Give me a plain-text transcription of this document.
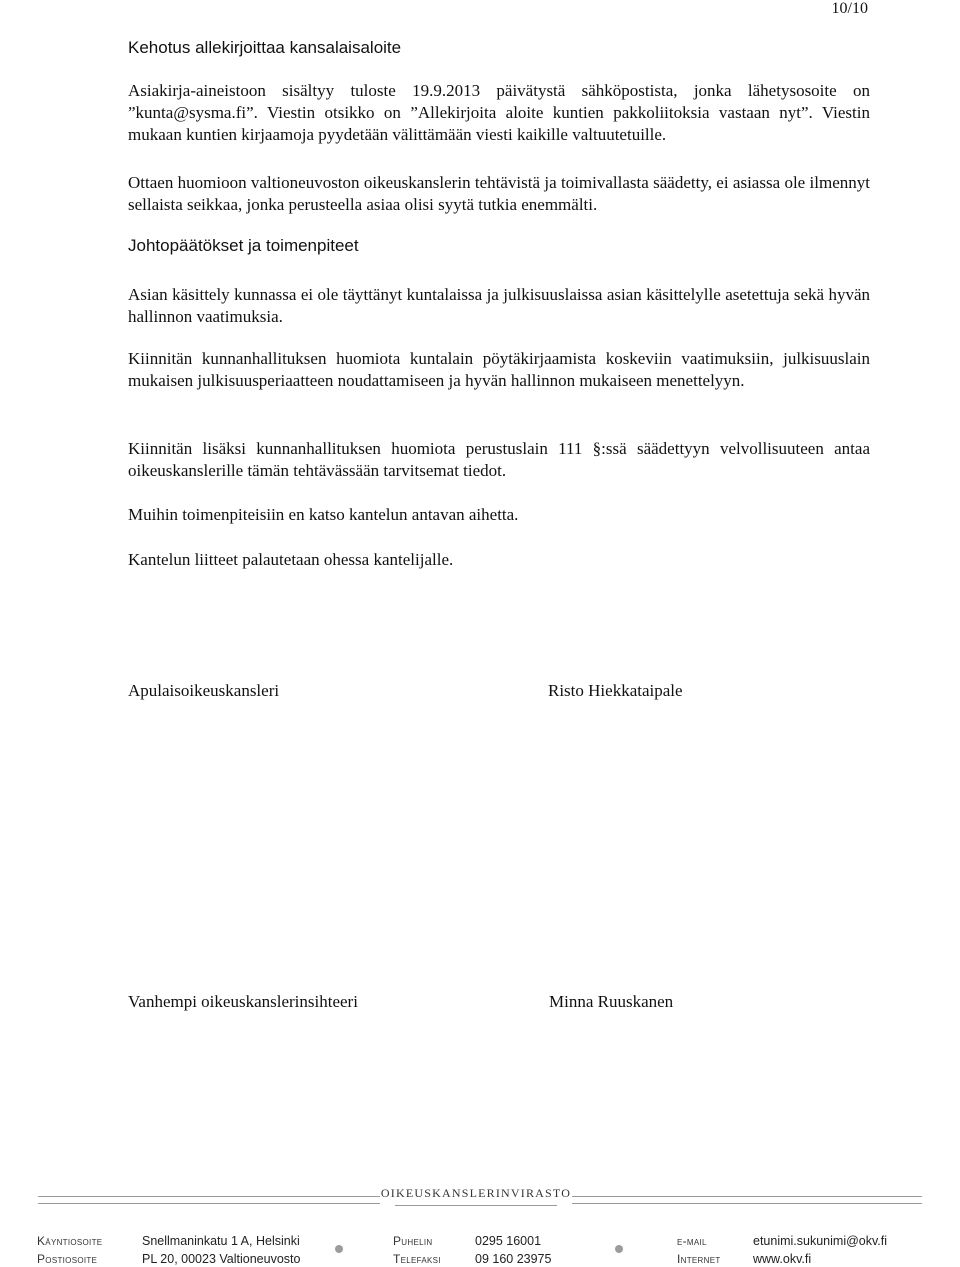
10/10
Kehotus allekirjoittaa kansalaisaloite
Asiakirja-aineistoon sisältyy tuloste 19.9.2013 päivätystä sähköpostista, jonka lähetysosoite on ”kunta@sysma.fi”. Viestin otsikko on ”Allekirjoita aloite kuntien pakkoliitoksia vastaan nyt”. Viestin mukaan kuntien kirjaamoja pyydetään välittämään viesti kaikille valtuutetuille.
Ottaen huomioon valtioneuvoston oikeuskanslerin tehtävistä ja toimivallasta säädetty, ei asiassa ole ilmennyt sellaista seikkaa, jonka perusteella asiaa olisi syytä tutkia enemmälti.
Johtopäätökset ja toimenpiteet
Asian käsittely kunnassa ei ole täyttänyt kuntalaissa ja julkisuuslaissa asian käsittelylle asetettuja sekä hyvän hallinnon vaatimuksia.
Kiinnitän kunnanhallituksen huomiota kuntalain pöytäkirjaamista koskeviin vaatimuksiin, julkisuuslain mukaisen julkisuusperiaatteen noudattamiseen ja hyvän hallinnon mukaiseen menettelyyn.
Kiinnitän lisäksi kunnanhallituksen huomiota perustuslain 111 §:ssä säädettyyn velvollisuuteen antaa oikeuskanslerille tämän tehtävässään tarvitsemat tiedot.
Muihin toimenpiteisiin en katso kantelun antavan aihetta.
Kantelun liitteet palautetaan ohessa kantelijalle.
Apulaisoikeuskansleri	Risto Hiekkataipale
Vanhempi oikeuskanslerinsihteeri	Minna Ruuskanen
OIKEUSKANSLERINVIRASTO
Käyntiosoite	Snellmaninkatu 1 A, Helsinki
Postiosoite	PL 20, 00023 Valtioneuvosto
Puhelin	0295 16001
Telefaksi	09 160 23975
e-mail	etunimi.sukunimi@okv.fi
Internet	www.okv.fi
